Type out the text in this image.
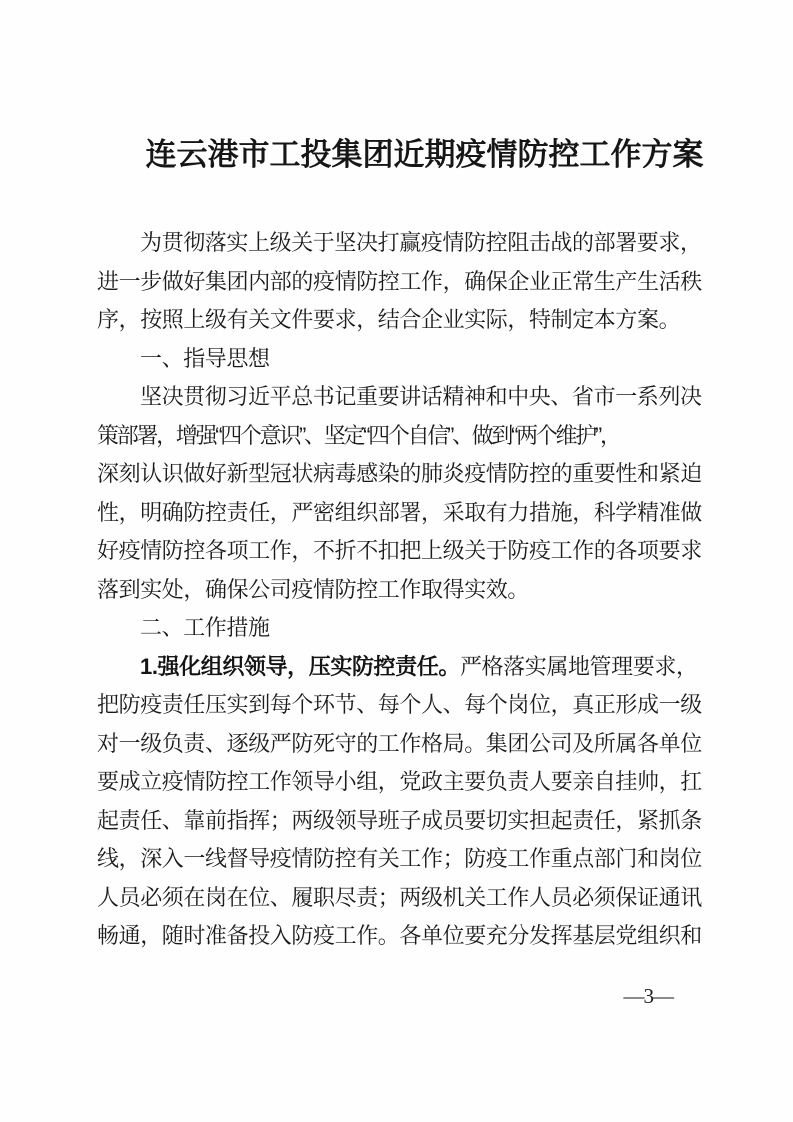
连云港市工投集团近期疫情防控工作方案
为贯彻落实上级关于坚决打赢疫情防控阻击战的部署要求，
进一步做好集团内部的疫情防控工作，确保企业正常生产生活秩
序，按照上级有关文件要求，结合企业实际，特制定本方案。
一、指导思想
坚决贯彻习近平总书记重要讲话精神和中央、省市一系列决
策部署，增强“四个意识”、坚定“四个自信”、做到“两个维护”，
深刻认识做好新型冠状病毒感染的肺炎疫情防控的重要性和紧迫
性，明确防控责任，严密组织部署，采取有力措施，科学精准做
好疫情防控各项工作，不折不扣把上级关于防疫工作的各项要求
落到实处，确保公司疫情防控工作取得实效。
二、工作措施
1.强化组织领导，压实防控责任。严格落实属地管理要求，
把防疫责任压实到每个环节、每个人、每个岗位，真正形成一级
对一级负责、逐级严防死守的工作格局。集团公司及所属各单位
要成立疫情防控工作领导小组，党政主要负责人要亲自挂帅，扛
起责任、靠前指挥；两级领导班子成员要切实担起责任，紧抓条
线，深入一线督导疫情防控有关工作；防疫工作重点部门和岗位
人员必须在岗在位、履职尽责；两级机关工作人员必须保证通讯
畅通，随时准备投入防疫工作。各单位要充分发挥基层党组织和
—3—
